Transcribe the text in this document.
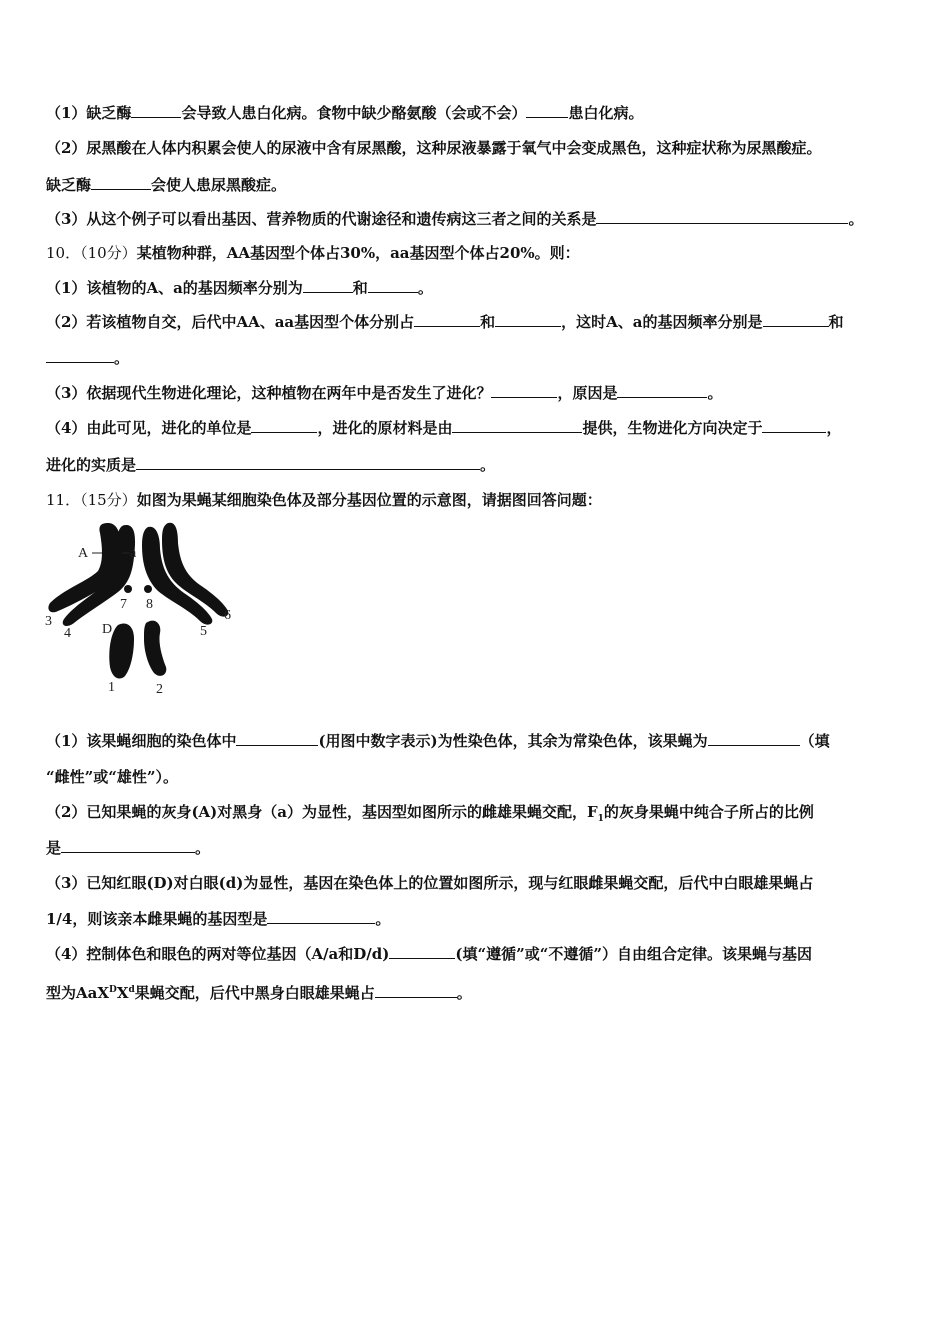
（1）缺乏酶	会导致人患白化病。食物中缺少酪氨酸（会或不会）	患白化病。
（2）尿黑酸在人体内积累会使人的尿液中含有尿黑酸，这种尿液暴露于氧气中会变成黑色，这种症状称为尿黑酸症。
缺乏酶	会使人患尿黑酸症。
（3）从这个例子可以看出基因、营养物质的代谢途径和遗传病这三者之间的关系是	。
10．（10分）某植物种群，AA基因型个体占30%，aa基因型个体占20%。则：
（1）该植物的A、a的基因频率分别为	和	。
（2）若该植物自交，后代中AA、aa基因型个体分别占	和	，这时A、a的基因频率分别是	和
。
（3）依据现代生物进化理论，这种植物在两年中是否发生了进化？	，原因是	。
（4）由此可见，进化的单位是	，进化的原材料是由	提供，生物进化方向决定于	，
进化的实质是	。
11．（15分）如图为果蝇某细胞染色体及部分基因位置的示意图，请据图回答问题：
A	a
D
7 8
3
4	5
6
1	2
（1）该果蝇细胞的染色体中	(用图中数字表示)为性染色体，其余为常染色体，该果蝇为	（填
“雌性”或“雄性”）。
（2）已知果蝇的灰身(A)对黑身（a）为显性，基因型如图所示的雌雄果蝇交配，$F_1$的灰身果蝇中纯合子所占的比例
是	。
（3）已知红眼(D)对白眼(d)为显性，基因在染色体上的位置如图所示，现与红眼雌果蝇交配，后代中白眼雄果蝇占
1/4，则该亲本雌果蝇的基因型是	。
（4）控制体色和眼色的两对等位基因（A/a和D/d)	(填“遵循”或“不遵循”）自由组合定律。该果蝇与基因
型为$AaX^DX^d$果蝇交配，后代中黑身白眼雄果蝇占	。
